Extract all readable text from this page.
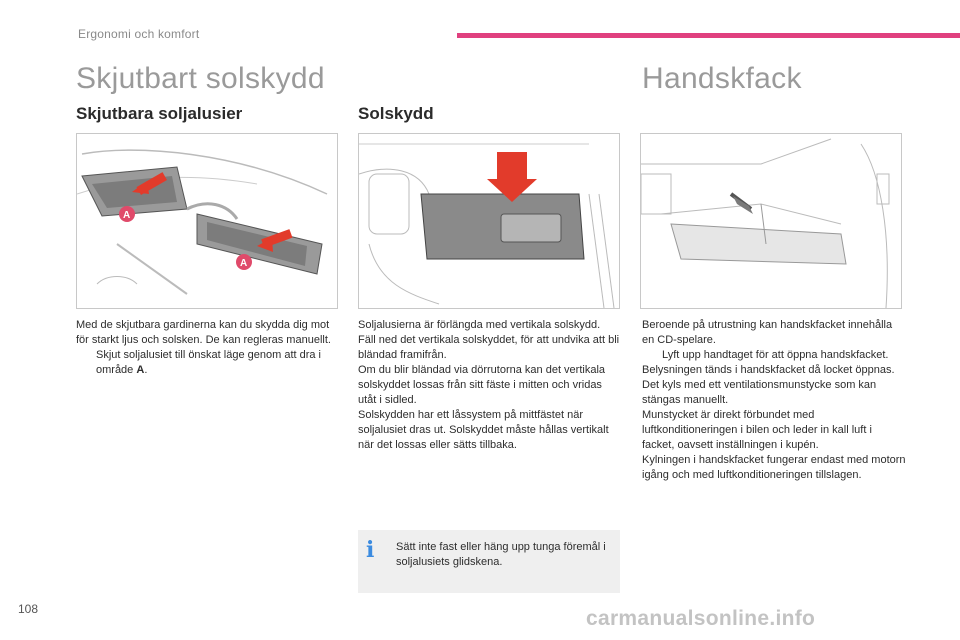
Ergonomi och komfort
Skjutbart solskydd	Handskfack
Skjutbara soljalusier	Solskydd
A
A

Med de skjutbara gardinerna kan du skydda dig mot för starkt ljus och solsken. De kan regleras manuellt.

Skjut soljalusiet till önskat läge genom att dra i område A.

Soljalusierna är förlängda med vertikala solskydd.

Fäll ned det vertikala solskyddet, för att undvika att bli bländad framifrån.

Om du blir bländad via dörrutorna kan det vertikala solskyddet lossas från sitt fäste i mitten och vridas utåt i sidled.

Solskydden har ett låssystem på mittfästet när soljalusiet dras ut. Solskyddet måste hållas vertikalt när det lossas eller sätts tillbaka.

i Sätt inte fast eller häng upp tunga föremål i soljalusiets glidskena.

Beroende på utrustning kan handskfacket innehålla en CD-spelare.

Lyft upp handtaget för att öppna handskfacket.

Belysningen tänds i handskfacket då locket öppnas.

Det kyls med ett ventilationsmunstycke som kan stängas manuellt.

Munstycket är direkt förbundet med luftkonditioneringen i bilen och leder in kall luft i facket, oavsett inställningen i kupén.

Kylningen i handskfacket fungerar endast med motorn igång och med luftkonditioneringen tillslagen.

108	carmanualsonline.info
